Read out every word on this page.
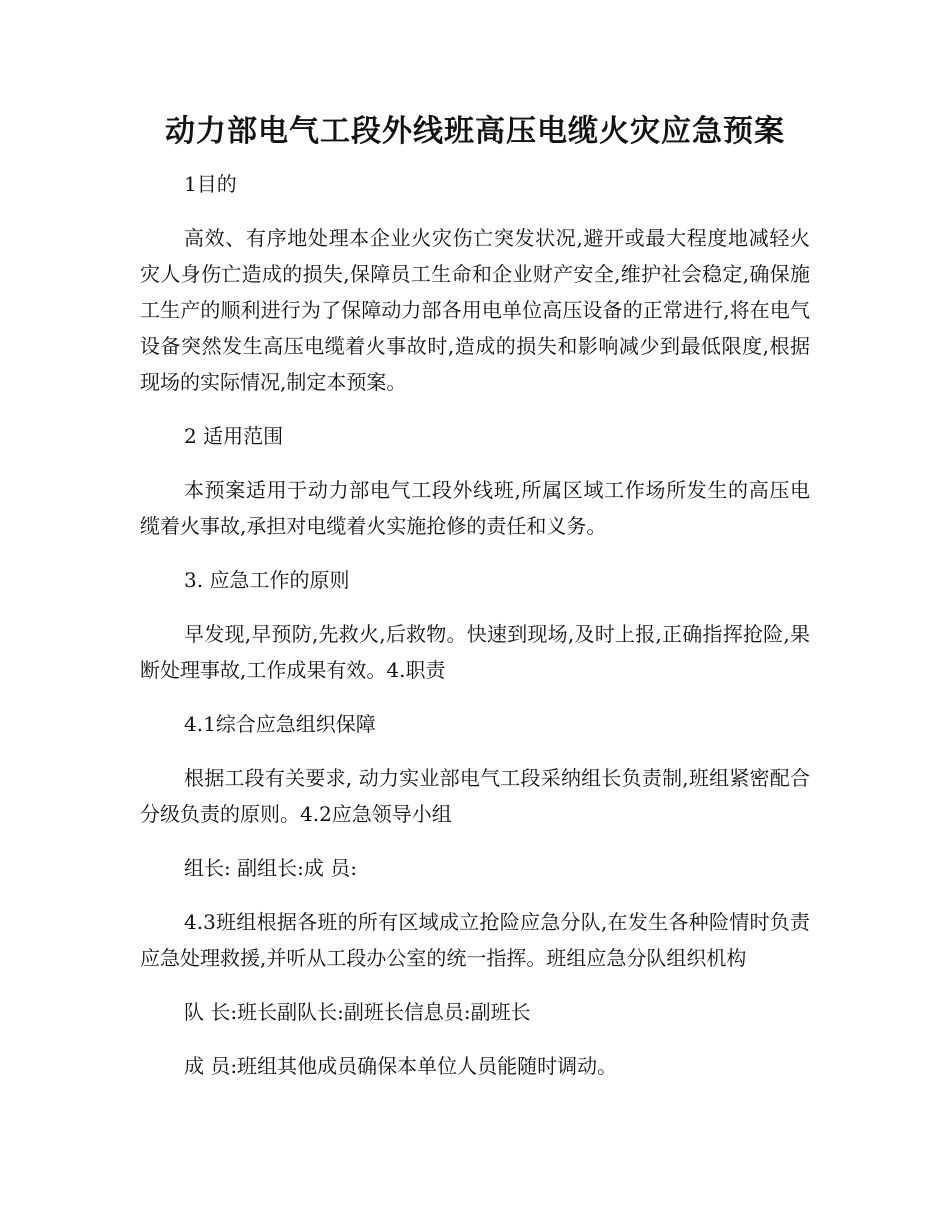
动力部电气工段外线班高压电缆火灾应急预案

1目的

高效、有序地处理本企业火灾伤亡突发状况,避开或最大程度地减轻火灾人身伤亡造成的损失,保障员工生命和企业财产安全,维护社会稳定,确保施工生产的顺利进行为了保障动力部各用电单位高压设备的正常进行,将在电气设备突然发生高压电缆着火事故时,造成的损失和影响减少到最低限度,根据现场的实际情况,制定本预案。

2 适用范围

本预案适用于动力部电气工段外线班,所属区域工作场所发生的高压电缆着火事故,承担对电缆着火实施抢修的责任和义务。

3. 应急工作的原则

早发现,早预防,先救火,后救物。快速到现场,及时上报,正确指挥抢险,果断处理事故,工作成果有效。4.职责

4.1综合应急组织保障

根据工段有关要求, 动力实业部电气工段采纳组长负责制,班组紧密配合分级负责的原则。4.2应急领导小组

组长: 副组长:成 员:

4.3班组根据各班的所有区域成立抢险应急分队,在发生各种险情时负责应急处理救援,并听从工段办公室的统一指挥。班组应急分队组织机构

队 长:班长副队长:副班长信息员:副班长

成 员:班组其他成员确保本单位人员能随时调动。
